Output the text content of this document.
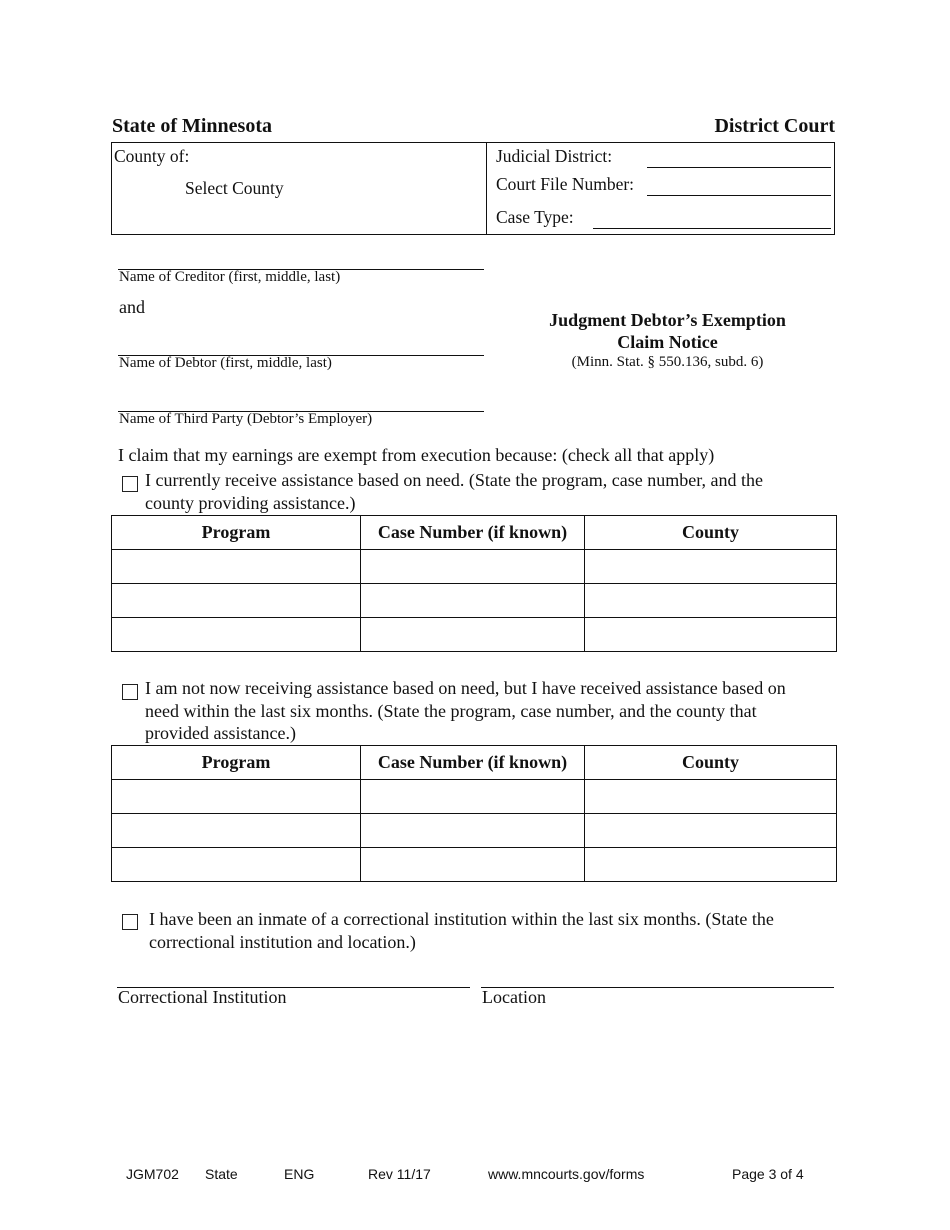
State of Minnesota	District Court
County of:
Select County
Judicial District:
Court File Number:
Case Type:
Name of Creditor (first, middle, last)
and
Name of Debtor (first, middle, last)
Name of Third Party (Debtor’s Employer)
Judgment Debtor’s Exemption
Claim Notice
(Minn. Stat. § 550.136, subd. 6)
I claim that my earnings are exempt from execution because: (check all that apply)
I currently receive assistance based on need. (State the program, case number, and the
county providing assistance.)
Program	Case Number (if known)	County

I am not now receiving assistance based on need, but I have received assistance based on
need within the last six months. (State the program, case number, and the county that
provided assistance.)
Program	Case Number (if known)	County

I have been an inmate of a correctional institution within the last six months. (State the
correctional institution and location.)
Correctional Institution	Location
JGM702 State	ENG	Rev 11/17	www.mncourts.gov/forms	Page 3 of 4
